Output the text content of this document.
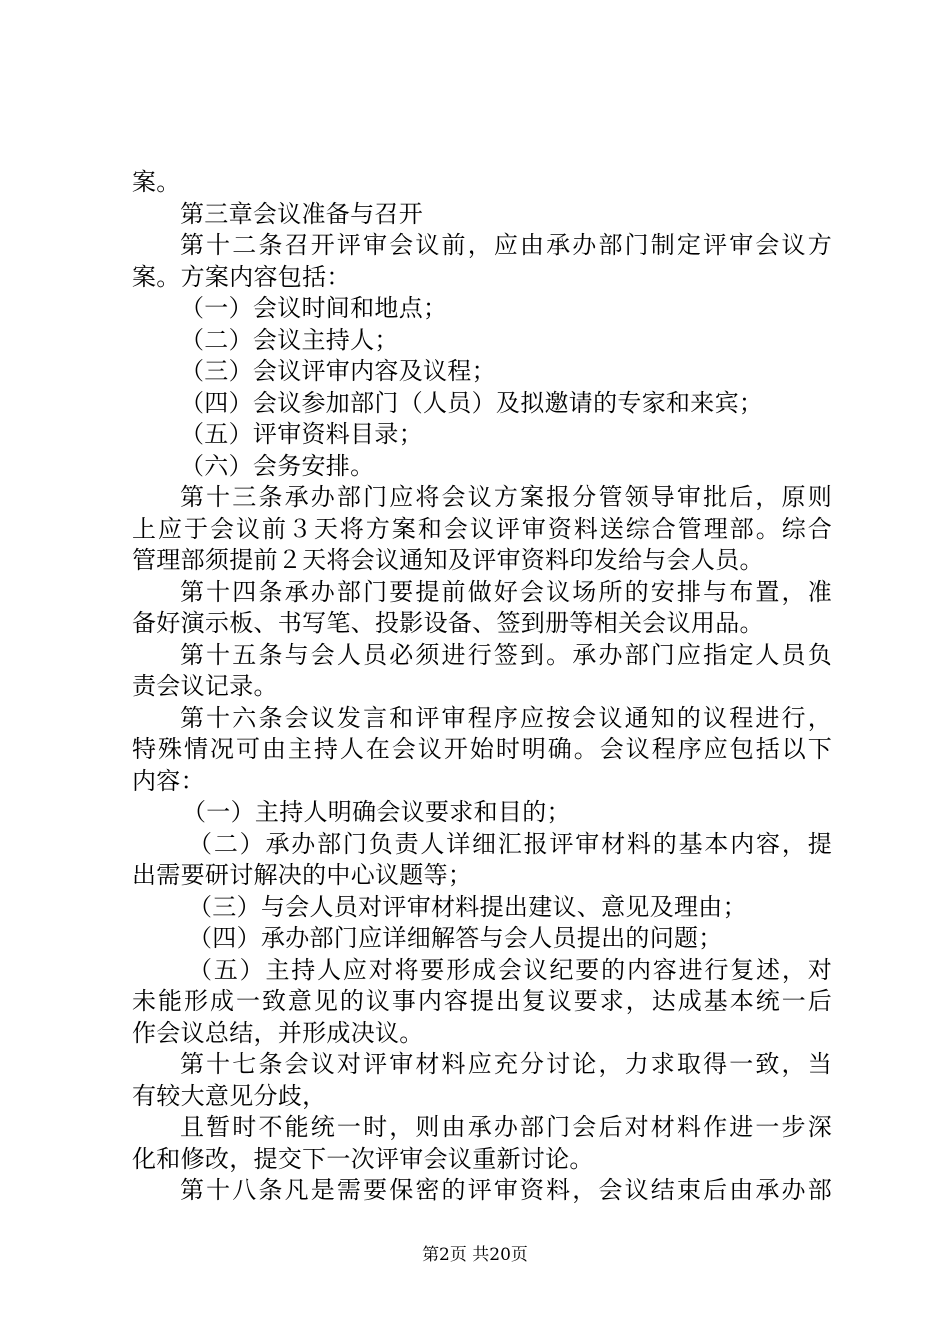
案。
第三章会议准备与召开
第十二条召开评审会议前，应由承办部门制定评审会议方
案。方案内容包括：
（一）会议时间和地点；
（二）会议主持人；
（三）会议评审内容及议程；
（四）会议参加部门（人员）及拟邀请的专家和来宾；
（五）评审资料目录；
（六）会务安排。
第十三条承办部门应将会议方案报分管领导审批后，原则
上应于会议前３天将方案和会议评审资料送综合管理部。综合
管理部须提前２天将会议通知及评审资料印发给与会人员。
第十四条承办部门要提前做好会议场所的安排与布置，准
备好演示板、书写笔、投影设备、签到册等相关会议用品。
第十五条与会人员必须进行签到。承办部门应指定人员负
责会议记录。
第十六条会议发言和评审程序应按会议通知的议程进行，
特殊情况可由主持人在会议开始时明确。会议程序应包括以下
内容：
（一）主持人明确会议要求和目的；
（二）承办部门负责人详细汇报评审材料的基本内容，提
出需要研讨解决的中心议题等；
（三）与会人员对评审材料提出建议、意见及理由；
（四）承办部门应详细解答与会人员提出的问题；
（五）主持人应对将要形成会议纪要的内容进行复述，对
未能形成一致意见的议事内容提出复议要求，达成基本统一后
作会议总结，并形成决议。
第十七条会议对评审材料应充分讨论，力求取得一致，当
有较大意见分歧，
且暂时不能统一时，则由承办部门会后对材料作进一步深
化和修改，提交下一次评审会议重新讨论。
第十八条凡是需要保密的评审资料，会议结束后由承办部
第2页 共20页
